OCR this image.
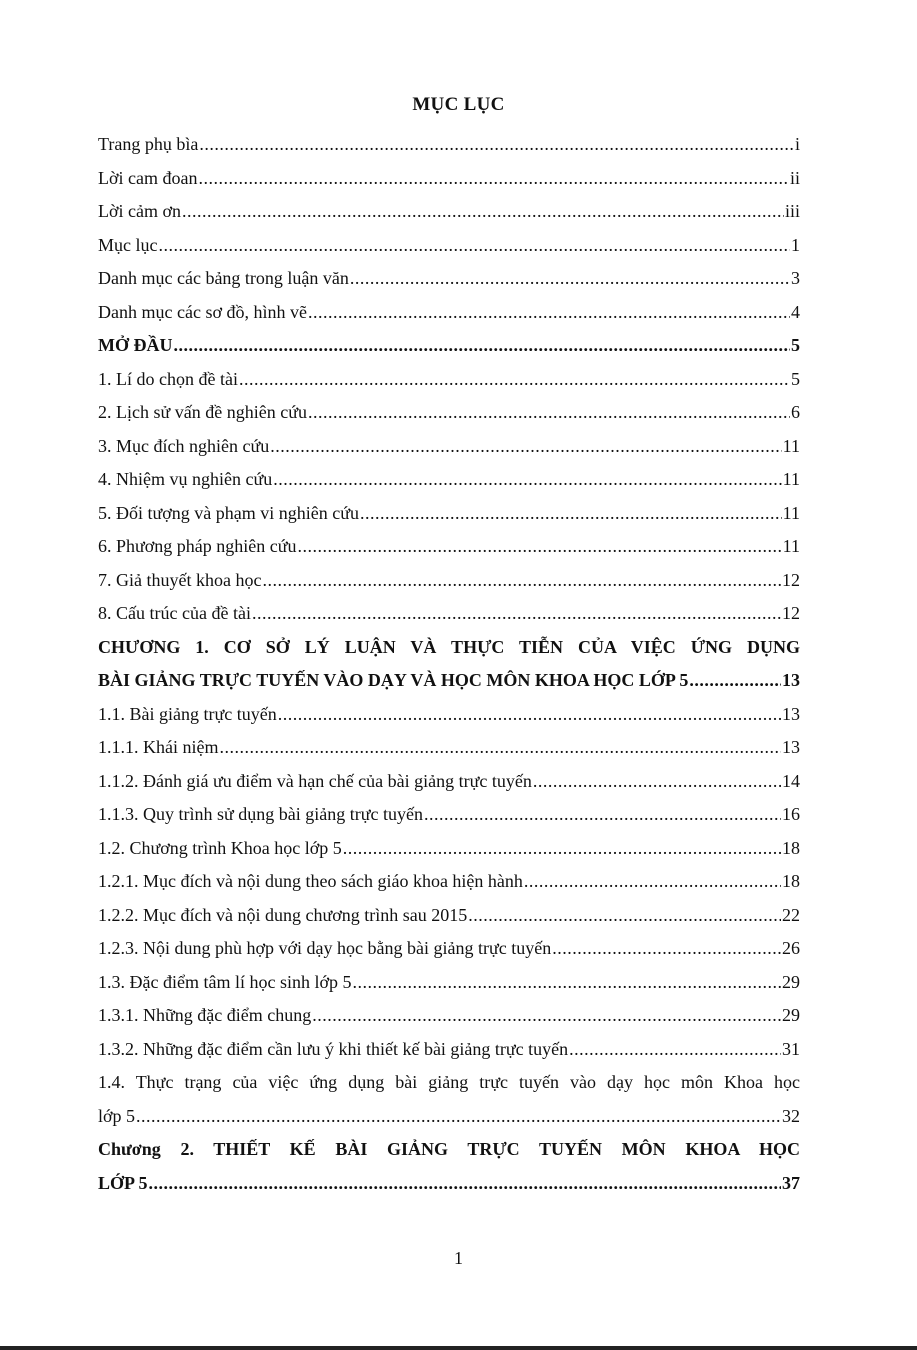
MỤC LỤC
Trang phụ bìa .....	i
Lời cam đoan .....	ii
Lời cảm ơn .....	iii
Mục lục .....	1
Danh mục các bảng trong luận văn .....	3
Danh mục các sơ đồ, hình vẽ .....	4
MỞ ĐẦU .....	5
1. Lí do chọn đề tài .....	5
2. Lịch sử vấn đề nghiên cứu .....	6
3. Mục đích nghiên cứu .....	11
4. Nhiệm vụ nghiên cứu .....	11
5. Đối tượng và phạm vi nghiên cứu .....	11
6. Phương pháp nghiên cứu .....	11
7. Giả thuyết khoa học .....	12
8. Cấu trúc của đề tài .....	12
CHƯƠNG 1. CƠ SỞ LÝ LUẬN VÀ THỰC TIỄN CỦA VIỆC ỨNG DỤNG
BÀI GIẢNG TRỰC TUYẾN VÀO DẠY VÀ HỌC MÔN KHOA HỌC LỚP 5 .....	13
1.1. Bài giảng trực tuyến .....	13
1.1.1. Khái niệm .....	13
1.1.2. Đánh giá ưu điểm và hạn chế của bài giảng trực tuyến .....	14
1.1.3. Quy trình sử dụng bài giảng trực tuyến .....	16
1.2. Chương trình Khoa học lớp 5 .....	18
1.2.1. Mục đích và nội dung theo sách giáo khoa hiện hành .....	18
1.2.2. Mục đích và nội dung chương trình sau 2015 .....	22
1.2.3. Nội dung phù hợp với dạy học bằng bài giảng trực tuyến .....	26
1.3. Đặc điểm tâm lí học sinh lớp 5 .....	29
1.3.1. Những đặc điểm chung .....	29
1.3.2. Những đặc điểm cần lưu ý khi thiết kế bài giảng trực tuyến .....	31
1.4. Thực trạng của việc ứng dụng bài giảng trực tuyến vào dạy học môn Khoa học
lớp 5 .....	32
Chương 2. THIẾT KẾ BÀI GIẢNG TRỰC TUYẾN MÔN KHOA HỌC
LỚP 5 .....	37
1
